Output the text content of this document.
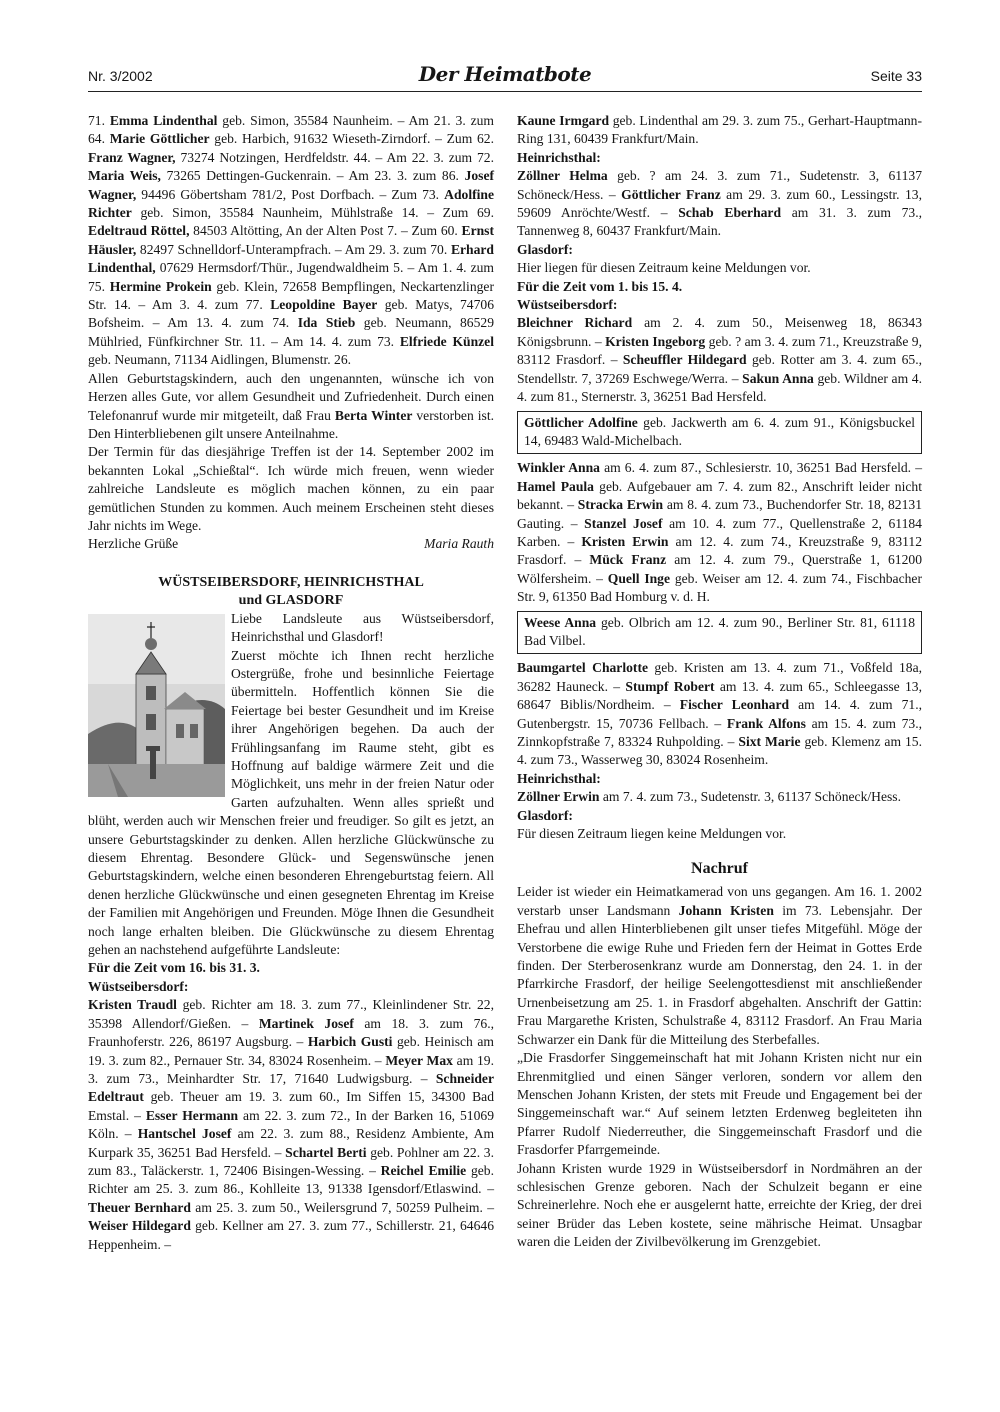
Nr. 3/2002	Der Heimatbote	Seite 33

71. Emma Lindenthal geb. Simon, 35584 Naunheim. – Am 21. 3. zum 64. Marie Göttlicher geb. Harbich, 91632 Wieseth-Zirndorf. – Zum 62. Franz Wagner, 73274 Notzingen, Herdfeldstr. 44. – Am 22. 3. zum 72. Maria Weis, 73265 Dettingen-Guckenrain. – Am 23. 3. zum 86. Josef Wagner, 94496 Göbertsham 781/2, Post Dorfbach. – Zum 73. Adolfine Richter geb. Simon, 35584 Naunheim, Mühlstraße 14. – Zum 69. Edeltraud Röttel, 84503 Altötting, An der Alten Post 7. – Zum 60. Ernst Häusler, 82497 Schnelldorf-Unterampfrach. – Am 29. 3. zum 70. Erhard Lindenthal, 07629 Hermsdorf/Thür., Jugendwaldheim 5. – Am 1. 4. zum 75. Hermine Prokein geb. Klein, 72658 Bempflingen, Neckartenzlinger Str. 14. – Am 3. 4. zum 77. Leopoldine Bayer geb. Matys, 74706 Bofsheim. – Am 13. 4. zum 74. Ida Stieb geb. Neumann, 86529 Mühlried, Fünfkirchner Str. 11. – Am 14. 4. zum 73. Elfriede Künzel geb. Neumann, 71134 Aidlingen, Blumenstr. 26.

Allen Geburtstagskindern, auch den ungenannten, wünsche ich von Herzen alles Gute, vor allem Gesundheit und Zufriedenheit. Durch einen Telefonanruf wurde mir mitgeteilt, daß Frau Berta Winter verstorben ist. Den Hinterbliebenen gilt unsere Anteilnahme.

Der Termin für das diesjährige Treffen ist der 14. September 2002 im bekannten Lokal „Schießtal“. Ich würde mich freuen, wenn wieder zahlreiche Landsleute es möglich machen können, zu ein paar gemütlichen Stunden zu kommen. Auch meinem Erscheinen steht dieses Jahr nichts im Wege.

Herzliche Grüße	Maria Rauth
WÜSTSEIBERSDORF, HEINRICHSTHAL
und GLASDORF

Liebe Landsleute aus Wüstseibersdorf, Heinrichsthal und Glasdorf!
Zuerst möchte ich Ihnen recht herzliche Ostergrüße, frohe und besinnliche Feiertage übermitteln. Hoffentlich können Sie die Feiertage bei bester Gesundheit und im Kreise ihrer Angehörigen begehen. Da auch der Frühlingsanfang im Raume steht, gibt es Hoffnung auf baldige wärmere Zeit und die Möglichkeit, uns mehr in der freien Natur oder Garten aufzuhalten. Wenn alles sprießt und blüht, werden auch wir Menschen freier und freudiger. So gilt es jetzt, an unsere Geburtstagskinder zu denken. Allen herzliche Glückwünsche zu diesem Ehrentag. Besondere Glück- und Segenswünsche jenen Geburtstagskindern, welche einen besonderen Ehrengeburtstag feiern. All denen herzliche Glückwünsche und einen gesegneten Ehrentag im Kreise der Familien mit Angehörigen und Freunden. Möge Ihnen die Gesundheit noch lange erhalten bleiben. Die Glückwünsche zu diesem Ehrentag gehen an nachstehend aufgeführte Landsleute:

Für die Zeit vom 16. bis 31. 3.

Wüstseibersdorf:

Kristen Traudl geb. Richter am 18. 3. zum 77., Kleinlindener Str. 22, 35398 Allendorf/Gießen. – Martinek Josef am 18. 3. zum 76., Fraunhoferstr. 226, 86197 Augsburg. – Harbich Gusti geb. Heinisch am 19. 3. zum 82., Pernauer Str. 34, 83024 Rosenheim. – Meyer Max am 19. 3. zum 73., Meinhardter Str. 17, 71640 Ludwigsburg. – Schneider Edeltraut geb. Theuer am 19. 3. zum 60., Im Siffen 15, 34300 Bad Emstal. – Esser Hermann am 22. 3. zum 72., In der Barken 16, 51069 Köln. – Hantschel Josef am 22. 3. zum 88., Residenz Ambiente, Am Kurpark 35, 36251 Bad Hersfeld. – Schartel Berti geb. Pohlner am 22. 3. zum 83., Taläckerstr. 1, 72406 Bisingen-Wessing. – Reichel Emilie geb. Richter am 25. 3. zum 86., Kohlleite 13, 91338 Igensdorf/Etlaswind. – Theuer Bernhard am 25. 3. zum 50., Weilersgrund 7, 50259 Pulheim. – Weiser Hildegard geb. Kellner am 27. 3. zum 77., Schillerstr. 21, 64646 Heppenheim. –

Kaune Irmgard geb. Lindenthal am 29. 3. zum 75., Gerhart-Hauptmann-Ring 131, 60439 Frankfurt/Main.

Heinrichsthal:

Zöllner Helma geb. ? am 24. 3. zum 71., Sudetenstr. 3, 61137 Schöneck/Hess. – Göttlicher Franz am 29. 3. zum 60., Lessingstr. 13, 59609 Anröchte/Westf. – Schab Eberhard am 31. 3. zum 73., Tannenweg 8, 60437 Frankfurt/Main.

Glasdorf:

Hier liegen für diesen Zeitraum keine Meldungen vor.

Für die Zeit vom 1. bis 15. 4.

Wüstseibersdorf:

Bleichner Richard am 2. 4. zum 50., Meisenweg 18, 86343 Königsbrunn. – Kristen Ingeborg geb. ? am 3. 4. zum 71., Kreuzstraße 9, 83112 Frasdorf. – Scheuffler Hildegard geb. Rotter am 3. 4. zum 65., Stendellstr. 7, 37269 Eschwege/Werra. – Sakun Anna geb. Wildner am 4. 4. zum 81., Sternerstr. 3, 36251 Bad Hersfeld.

Göttlicher Adolfine geb. Jackwerth am 6. 4. zum 91., Königsbuckel 14, 69483 Wald-Michelbach.

Winkler Anna am 6. 4. zum 87., Schlesierstr. 10, 36251 Bad Hersfeld. – Hamel Paula geb. Aufgebauer am 7. 4. zum 82., Anschrift leider nicht bekannt. – Stracka Erwin am 8. 4. zum 73., Buchendorfer Str. 18, 82131 Gauting. – Stanzel Josef am 10. 4. zum 77., Quellenstraße 2, 61184 Karben. – Kristen Erwin am 12. 4. zum 74., Kreuzstraße 9, 83112 Frasdorf. – Mück Franz am 12. 4. zum 79., Querstraße 1, 61200 Wölfersheim. – Quell Inge geb. Weiser am 12. 4. zum 74., Fischbacher Str. 9, 61350 Bad Homburg v. d. H.

Weese Anna geb. Olbrich am 12. 4. zum 90., Berliner Str. 81, 61118 Bad Vilbel.

Baumgartel Charlotte geb. Kristen am 13. 4. zum 71., Voßfeld 18a, 36282 Hauneck. – Stumpf Robert am 13. 4. zum 65., Schleegasse 13, 68647 Biblis/Nordheim. – Fischer Leonhard am 14. 4. zum 71., Gutenbergstr. 15, 70736 Fellbach. – Frank Alfons am 15. 4. zum 73., Zinnkopfstraße 7, 83324 Ruhpolding. – Sixt Marie geb. Klemenz am 15. 4. zum 73., Wasserweg 30, 83024 Rosenheim.

Heinrichsthal:

Zöllner Erwin am 7. 4. zum 73., Sudetenstr. 3, 61137 Schöneck/Hess.

Glasdorf:

Für diesen Zeitraum liegen keine Meldungen vor.

Nachruf

Leider ist wieder ein Heimatkamerad von uns gegangen. Am 16. 1. 2002 verstarb unser Landsmann Johann Kristen im 73. Lebensjahr. Der Ehefrau und allen Hinterbliebenen gilt unser tiefes Mitgefühl. Möge der Verstorbene die ewige Ruhe und Frieden fern der Heimat in Gottes Erde finden. Der Sterberosenkranz wurde am Donnerstag, den 24. 1. in der Pfarrkirche Frasdorf, der heilige Seelengottesdienst mit anschließender Urnenbeisetzung am 25. 1. in Frasdorf abgehalten. Anschrift der Gattin: Frau Margarethe Kristen, Schulstraße 4, 83112 Frasdorf. An Frau Maria Schwarzer ein Dank für die Mitteilung des Sterbefalles.

„Die Frasdorfer Singgemeinschaft hat mit Johann Kristen nicht nur ein Ehrenmitglied und einen Sänger verloren, sondern vor allem den Menschen Johann Kristen, der stets mit Freude und Engagement bei der Singgemeinschaft war.“ Auf seinem letzten Erdenweg begleiteten ihn Pfarrer Rudolf Niederreuther, die Singgemeinschaft Frasdorf und die Frasdorfer Pfarrgemeinde.

Johann Kristen wurde 1929 in Wüstseibersdorf in Nordmähren an der schlesischen Grenze geboren. Nach der Schulzeit begann er eine Schreinerlehre. Noch ehe er ausgelernt hatte, erreichte der Krieg, der drei seiner Brüder das Leben kostete, seine mährische Heimat. Unsagbar waren die Leiden der Zivilbevölkerung im Grenzgebiet.
